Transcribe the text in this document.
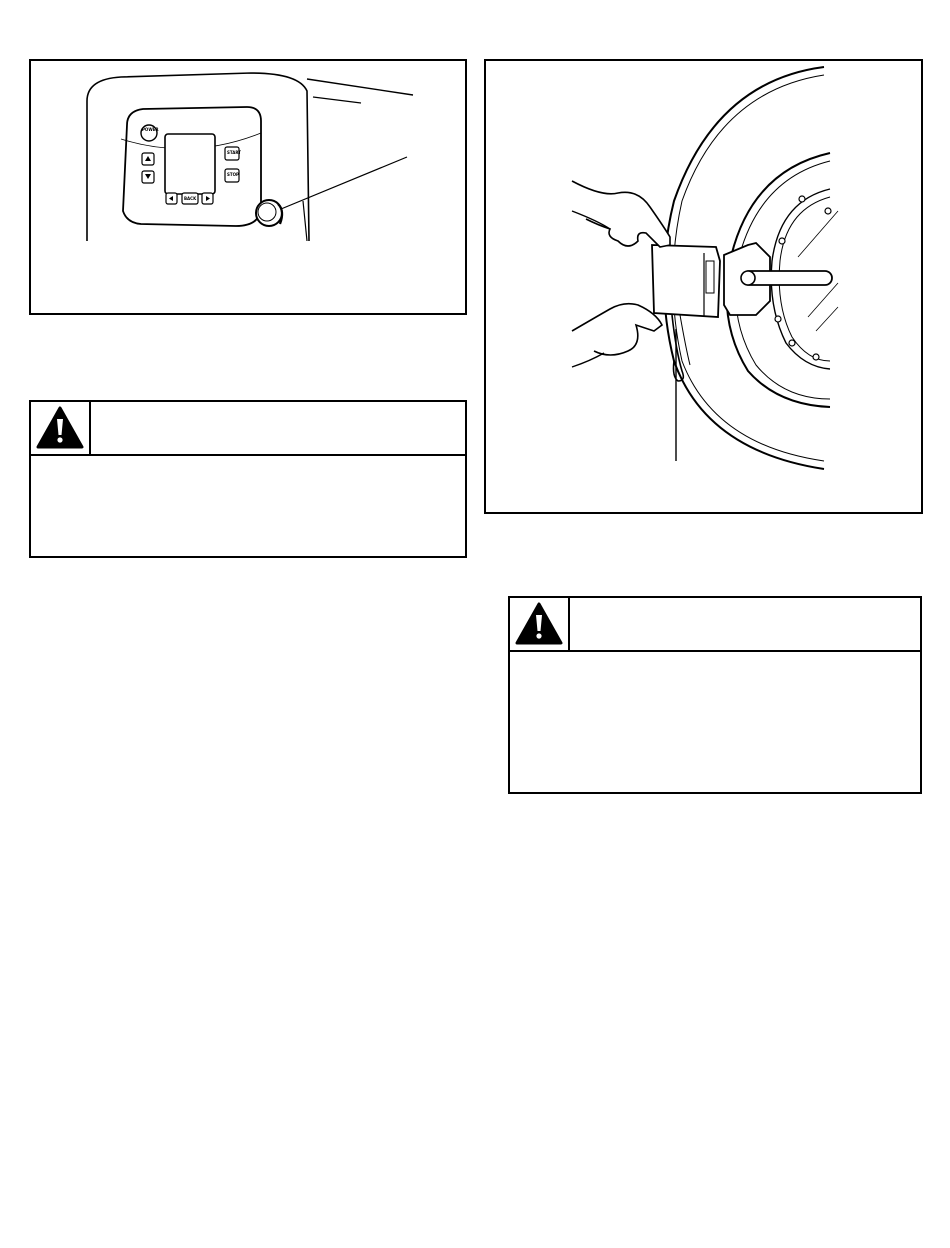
POWER
START
STOP
BACK
